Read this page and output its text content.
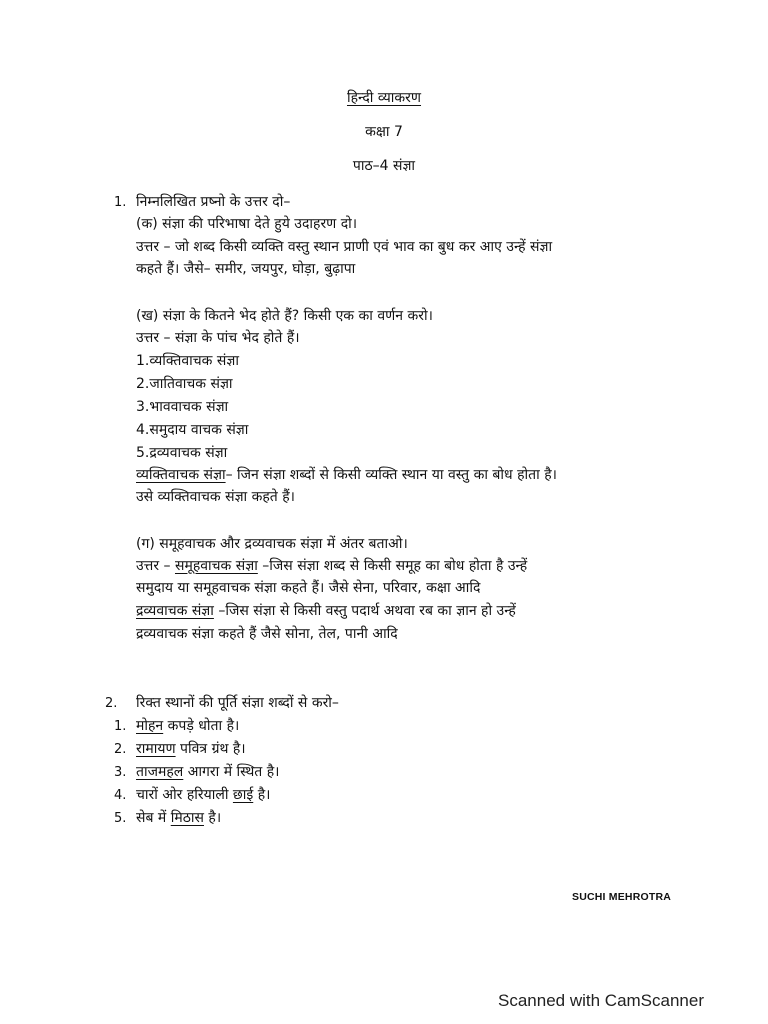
हिन्दी व्याकरण
कक्षा 7
पाठ–4 संज्ञा
1. निम्नलिखित प्रष्नो के उत्तर दो–
(क) संज्ञा की परिभाषा देते हुये उदाहरण दो।
उत्तर – जो शब्द किसी व्यक्ति वस्तु स्थान प्राणी एवं भाव का बुध कर आए उन्हें संज्ञा
कहते हैं। जैसे– समीर, जयपुर, घोड़ा, बुढ़ापा
(ख) संज्ञा के कितने भेद होते हैं? किसी एक का वर्णन करो।
उत्तर – संज्ञा के पांच भेद होते हैं।
1.व्यक्तिवाचक संज्ञा
2.जातिवाचक संज्ञा
3.भाववाचक संज्ञा
4.समुदाय वाचक संज्ञा
5.द्रव्यवाचक संज्ञा
व्यक्तिवाचक संज्ञा– जिन संज्ञा शब्दों से किसी व्यक्ति स्थान या वस्तु का बोध होता है।
उसे व्यक्तिवाचक संज्ञा कहते हैं।
(ग) समूहवाचक और द्रव्यवाचक संज्ञा में अंतर बताओ।
उत्तर – समूहवाचक संज्ञा –जिस संज्ञा शब्द से किसी समूह का बोध होता है उन्हें
समुदाय या समूहवाचक संज्ञा कहते हैं। जैसे सेना, परिवार, कक्षा आदि
द्रव्यवाचक संज्ञा –जिस संज्ञा से किसी वस्तु पदार्थ अथवा रब का ज्ञान हो उन्हें
द्रव्यवाचक संज्ञा कहते हैं जैसे सोना, तेल, पानी आदि
2. रिक्त स्थानों की पूर्ति संज्ञा शब्दों से करो–
1. मोहन कपड़े धोता है।
2. रामायण पवित्र ग्रंथ है।
3. ताजमहल आगरा में स्थित है।
4. चारों ओर हरियाली छाई है।
5. सेब में मिठास है।
SUCHI MEHROTRA
Scanned with CamScanner
